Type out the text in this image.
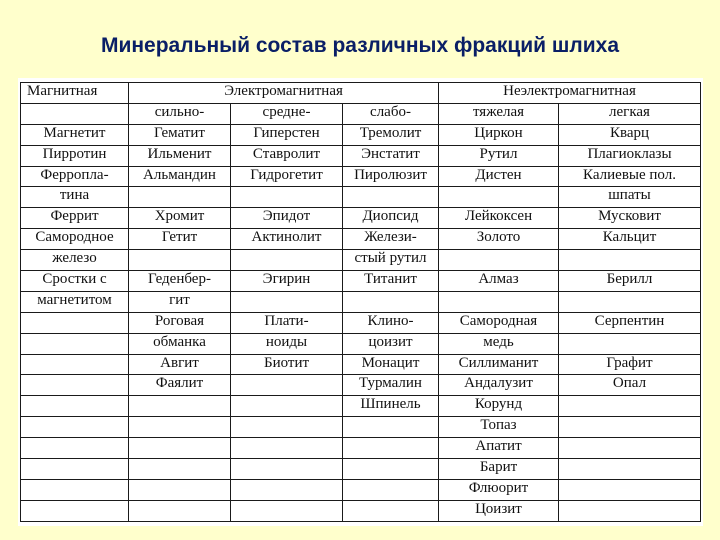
Минеральный состав различных фракций шлиха
Магнитная	Электромагнитная			Неэлектромагнитная	
	сильно-	средне-	слабо-	тяжелая	легкая
Магнетит	Гематит	Гиперстен	Тремолит	Циркон	Кварц
Пирротин	Ильменит	Ставролит	Энстатит	Рутил	Плагиоклазы
Ферропла-	Альмандин	Гидрогетит	Пиролюзит	Дистен	Калиевые пол.
тина					шпаты
Феррит	Хромит	Эпидот	Диопсид	Лейкоксен	Мусковит
Самородное	Гетит	Актинолит	Желези-	Золото	Кальцит
железо			стый рутил		
Сростки с	Геденбер-	Эгирин	Титанит	Алмаз	Берилл
магнетитом	гит				
	Роговая	Плати-	Клино-	Самородная	Серпентин
	обманка	ноиды	цоизит	медь	
	Авгит	Биотит	Монацит	Силлиманит	Графит
	Фаялит		Турмалин	Андалузит	Опал
			Шпинель	Корунд	
				Топаз	
				Апатит	
				Барит	
				Флюорит	
				Цоизит	
